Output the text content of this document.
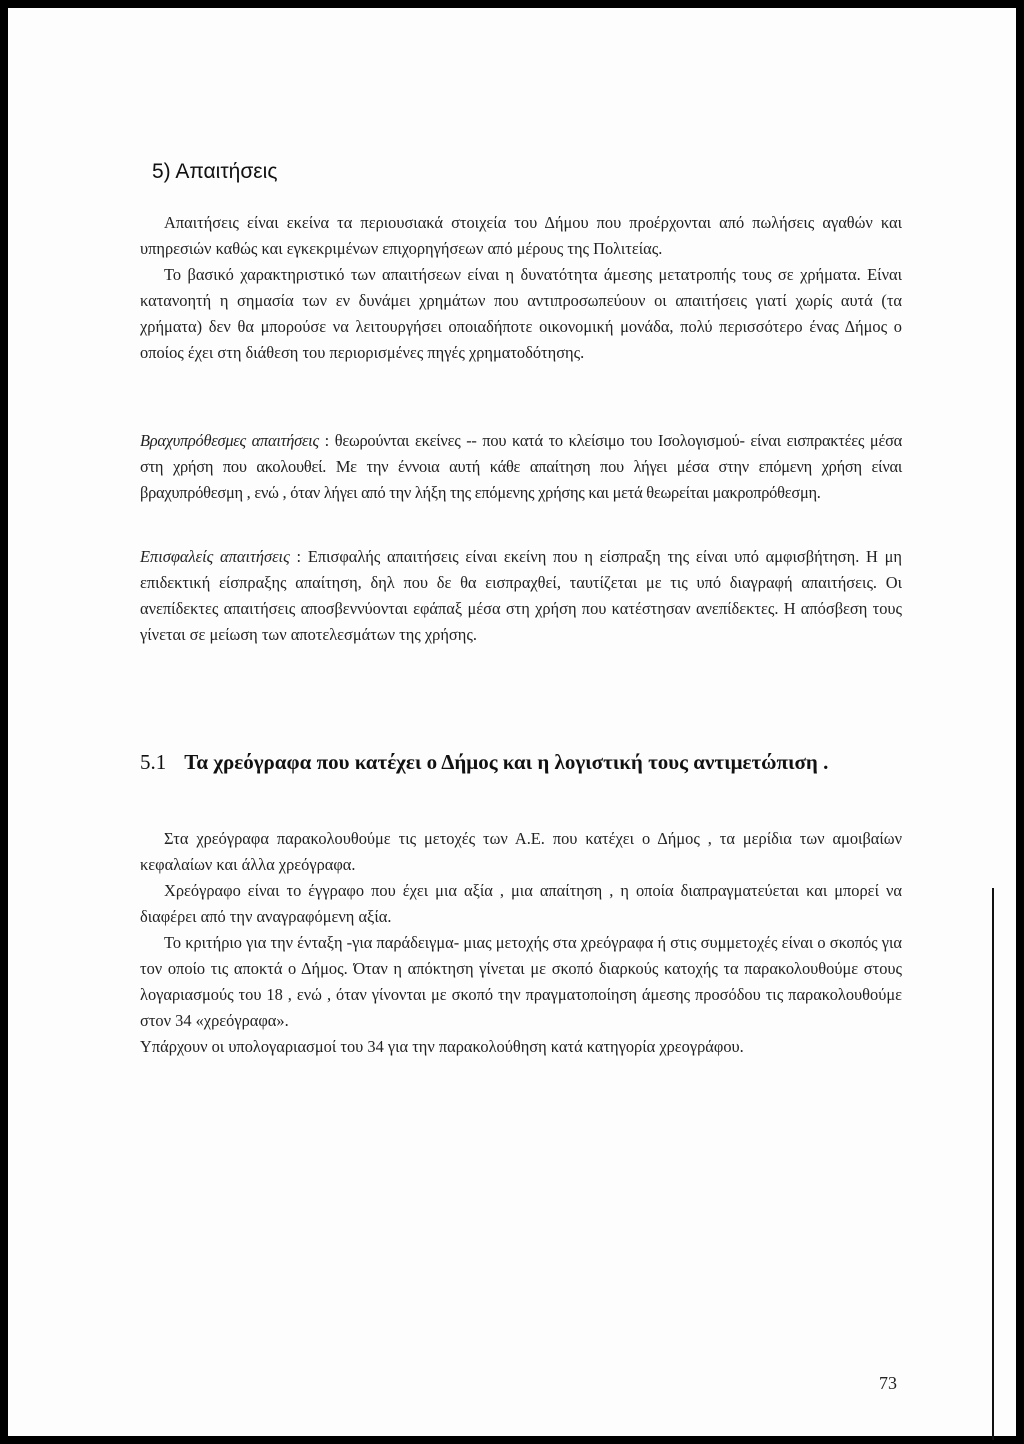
5) Απαιτήσεις

Απαιτήσεις είναι εκείνα τα περιουσιακά στοιχεία του Δήμου που προέρχονται από πωλήσεις αγαθών και υπηρεσιών καθώς και εγκεκριμένων επιχορηγήσεων από μέρους της Πολιτείας.

Το βασικό χαρακτηριστικό των απαιτήσεων είναι η δυνατότητα άμεσης μετατροπής τους σε χρήματα. Είναι κατανοητή η σημασία των εν δυνάμει χρημάτων που αντιπροσωπεύουν οι απαιτήσεις γιατί χωρίς αυτά (τα χρήματα) δεν θα μπορούσε να λειτουργήσει οποιαδήποτε οικονομική μονάδα, πολύ περισσότερο ένας Δήμος ο οποίος έχει στη διάθεση του περιορισμένες πηγές χρηματοδότησης.

Βραχυπρόθεσμες απαιτήσεις : θεωρούνται εκείνες -- που κατά το κλείσιμο του Ισολογισμού- είναι εισπρακτέες μέσα στη χρήση που ακολουθεί. Με την έννοια αυτή κάθε απαίτηση που λήγει μέσα στην επόμενη χρήση είναι βραχυπρόθεσμη , ενώ , όταν λήγει από την λήξη της επόμενης χρήσης και μετά θεωρείται μακροπρόθεσμη.

Επισφαλείς απαιτήσεις : Επισφαλής απαιτήσεις είναι εκείνη που η είσπραξη της είναι υπό αμφισβήτηση. Η μη επιδεκτική είσπραξης απαίτηση, δηλ που δε θα εισπραχθεί, ταυτίζεται με τις υπό διαγραφή απαιτήσεις. Οι ανεπίδεκτες απαιτήσεις αποσβεννύονται εφάπαξ μέσα στη χρήση που κατέστησαν ανεπίδεκτες. Η απόσβεση τους γίνεται σε μείωση των αποτελεσμάτων της χρήσης.

5.1 Τα χρεόγραφα που κατέχει ο Δήμος και η λογιστική τους αντιμετώπιση .

Στα χρεόγραφα παρακολουθούμε τις μετοχές των Α.Ε. που κατέχει ο Δήμος , τα μερίδια των αμοιβαίων κεφαλαίων και άλλα χρεόγραφα.

Χρεόγραφο είναι το έγγραφο που έχει μια αξία , μια απαίτηση , η οποία διαπραγματεύεται και μπορεί να διαφέρει από την αναγραφόμενη αξία.

Το κριτήριο για την ένταξη -για παράδειγμα- μιας μετοχής στα χρεόγραφα ή στις συμμετοχές είναι ο σκοπός για τον οποίο τις αποκτά ο Δήμος. Όταν η απόκτηση γίνεται με σκοπό διαρκούς κατοχής τα παρακολουθούμε στους λογαριασμούς του 18 , ενώ , όταν γίνονται με σκοπό την πραγματοποίηση άμεσης προσόδου τις παρακολουθούμε στον 34 «χρεόγραφα».

Υπάρχουν οι υπολογαριασμοί του 34 για την παρακολούθηση κατά κατηγορία χρεογράφου.

73
